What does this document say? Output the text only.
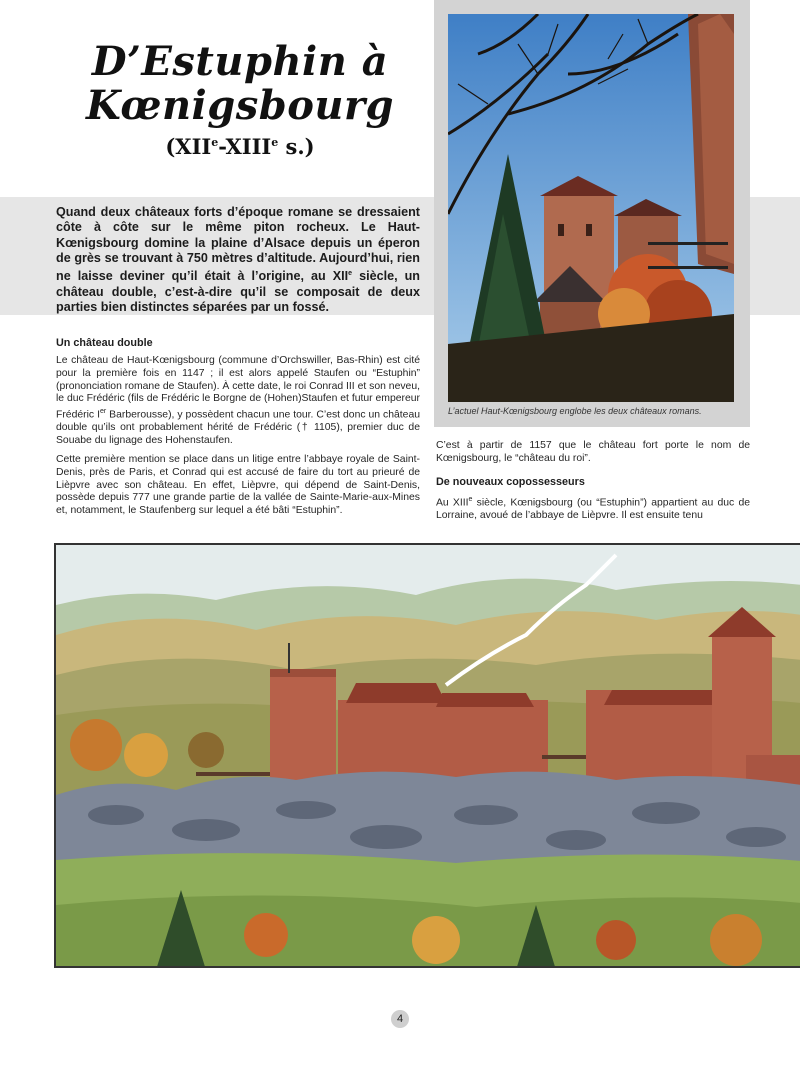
D’Estuphin à
Kœnigsbourg
(XIIe-XIIIe s.)
Quand deux châteaux forts d’époque romane se dressaient côte à côte sur le même piton rocheux. Le Haut-Kœnigsbourg domine la plaine d’Alsace depuis un éperon de grès se trouvant à 750 mètres d’altitude. Aujourd’hui, rien ne laisse deviner qu’il était à l’origine, au XIIe siècle, un château double, c’est-à-dire qu’il se composait de deux parties bien distinctes séparées par un fossé.
L’actuel Haut-Kœnigsbourg englobe les deux châteaux romans.
Un château double

Le château de Haut-Kœnigsbourg (commune d’Orchswiller, Bas-Rhin) est cité pour la première fois en 1147 ; il est alors appelé Staufen ou “Estuphin” (prononciation romane de Staufen). À cette date, le roi Conrad III et son neveu, le duc Frédéric (fils de Frédéric le Borgne de (Hohen)Staufen et futur empereur Frédéric Ier Barberousse), y possèdent chacun une tour. C’est donc un château double qu’ils ont probablement hérité de Frédéric († 1105), premier duc de Souabe du lignage des Hohenstaufen.

Cette première mention se place dans un litige entre l’abbaye royale de Saint-Denis, près de Paris, et Conrad qui est accusé de faire du tort au prieuré de Lièpvre avec son château. En effet, Lièpvre, qui dépend de Saint-Denis, possède depuis 777 une grande partie de la vallée de Sainte-Marie-aux-Mines et, notamment, le Staufenberg sur lequel a été bâti “Estuphin”.

C’est à partir de 1157 que le château fort porte le nom de Kœnigsbourg, le “château du roi”.

De nouveaux copossesseurs

Au XIIIe siècle, Kœnigsbourg (ou “Estuphin”) appartient au duc de Lorraine, avoué de l’abbaye de Lièpvre. Il est ensuite tenu

4
